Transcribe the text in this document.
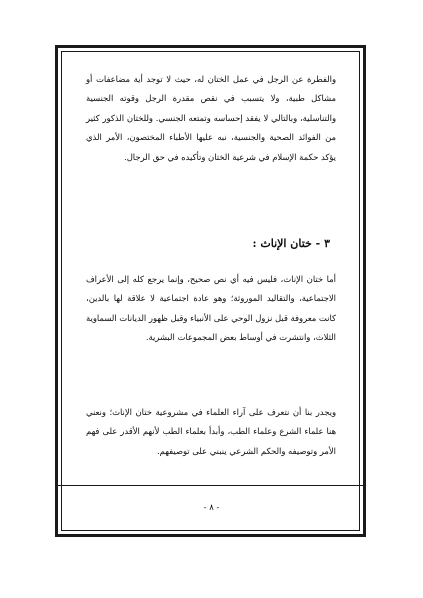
والفطرة عن الرجل في عمل الختان له، حيث لا توجد أية مضاعفات أو مشاكل طبية، ولا يتسبب في نقص مقدرة الرجل وقوته الجنسية والتناسلية، وبالتالي لا يفقد إحساسه وتمتعه الجنسي. وللختان الذكور كثير من الفوائد الصحية والجنسية، نبه عليها الأطباء المختصون، الأمر الذي يؤكد حكمة الإسلام في شرعية الختان وتأكيده في حق الرجال.
٣ - ختان الإناث :
أما ختان الإناث، فليس فيه أي نص صحيح، وإنما يرجع كله إلى الأعراف الاجتماعية، والتقاليد الموروثة؛ وهو عادة اجتماعية لا علاقة لها بالدين، كانت معروفة قبل نزول الوحي على الأنبياء وقبل ظهور الديانات السماوية الثلاث، وانتشرت في أوساط بعض المجموعات البشرية.
ويجدر بنا أن نتعرف على آراء العلماء في مشروعية ختان الإناث؛ ونعني هنا علماء الشرع وعلماء الطب، وأبدأ بعلماء الطب لأنهم الأقدر على فهم الأمر وتوصيفه والحكم الشرعي ينبني على توصيفهم.
- ٨ -
